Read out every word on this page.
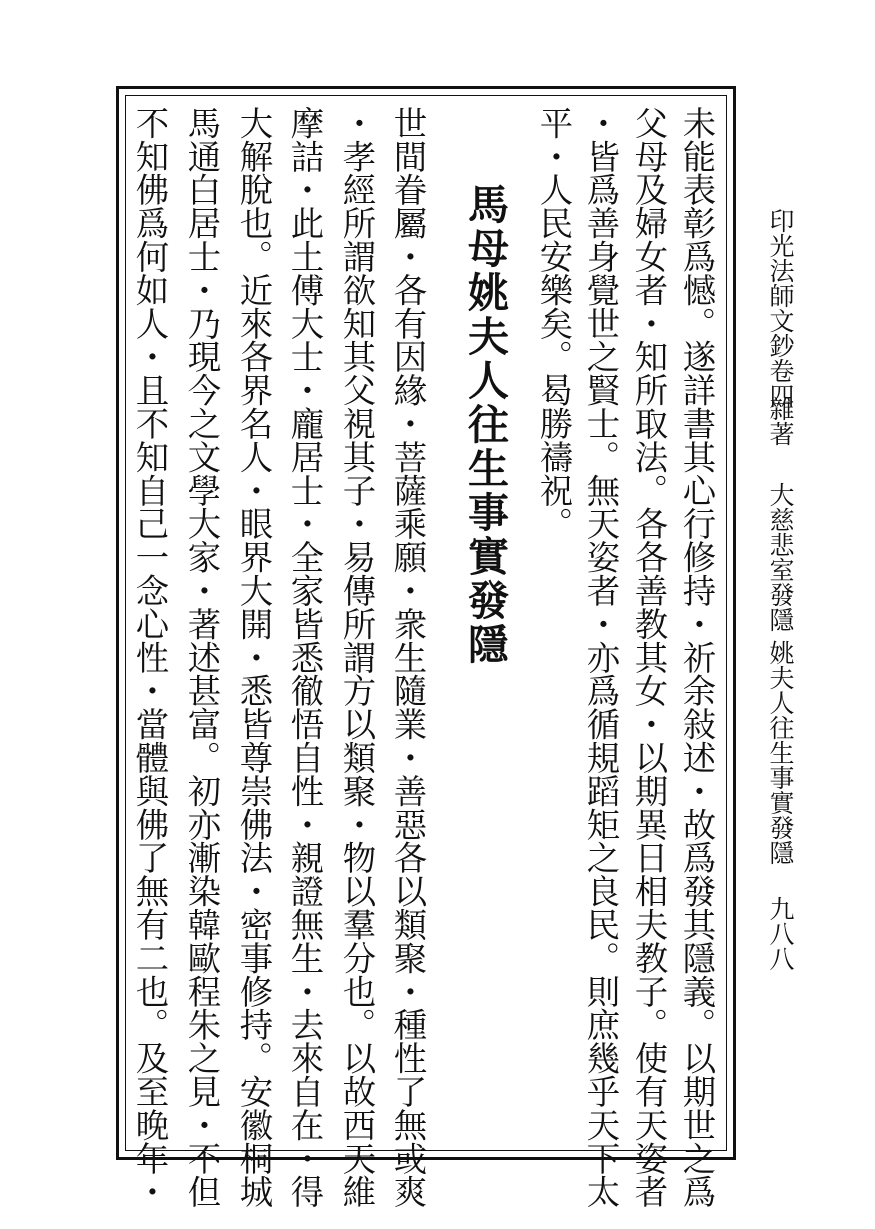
印光法師文鈔卷四
雜著
大慈悲室發隱
姚夫人往生事實發隱
九八八
未能表彰爲憾。遂詳書其心行修持・祈余敍述・故爲發其隱義。以期世之爲
父母及婦女者・知所取法。各各善教其女・以期異日相夫教子。使有天姿者
・皆爲善身覺世之賢士。無天姿者・亦爲循規蹈矩之良民。則庶幾乎天下太
平・人民安樂矣。曷勝禱祝。
馬母姚夫人往生事實發隱
世間眷屬・各有因緣・菩薩乘願・衆生隨業・善惡各以類聚・種性了無或爽
・孝經所謂欲知其父視其子・易傳所謂方以類聚・物以羣分也。以故西天維
摩詰・此土傅大士・龐居士・全家皆悉徹悟自性・親證無生・去來自在・得
大解脫也。近來各界名人・眼界大開・悉皆尊崇佛法・密事修持。安徽桐城
馬通白居士・乃現今之文學大家・著述甚富。初亦漸染韓歐程朱之見・不但
不知佛爲何如人・且不知自己一念心性・當體與佛了無有二也。及至晚年・
